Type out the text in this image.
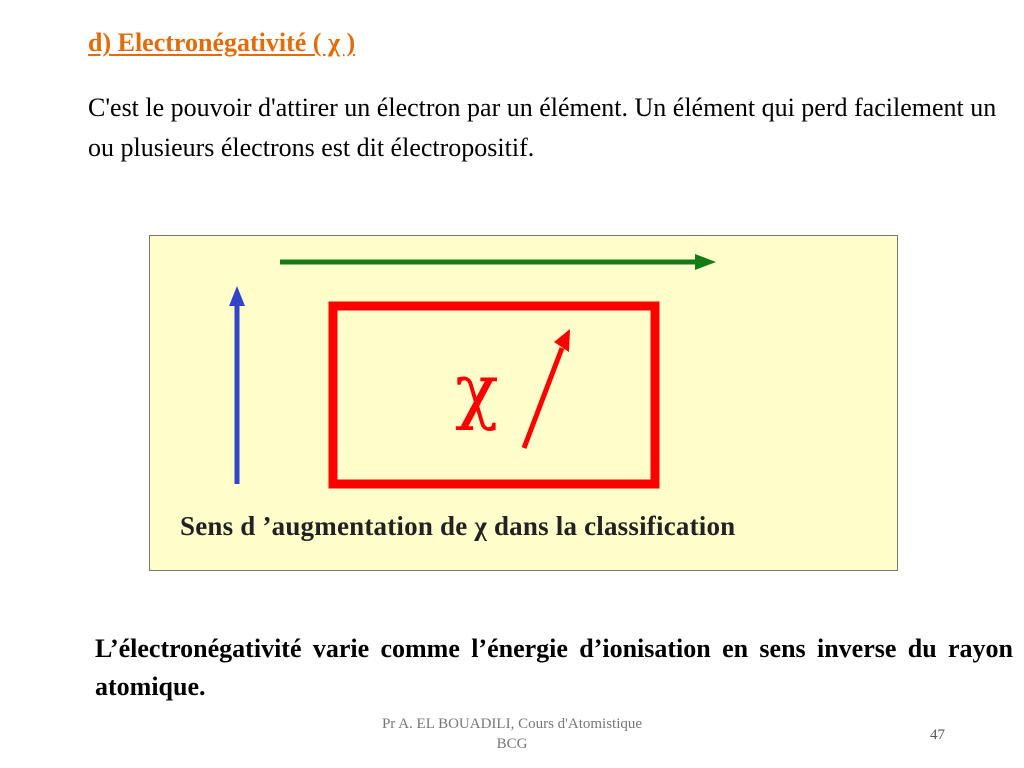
d) Electronégativité ( χ )
C'est le pouvoir d'attirer un électron par un élément. Un élément qui perd facilement un ou plusieurs électrons est dit électropositif.
χ
Sens d ’augmentation de χ dans la classification
L’électronégativité varie comme l’énergie d’ionisation en sens inverse du rayon atomique.
Pr A. EL BOUADILI, Cours d'Atomistique
BCG
47
